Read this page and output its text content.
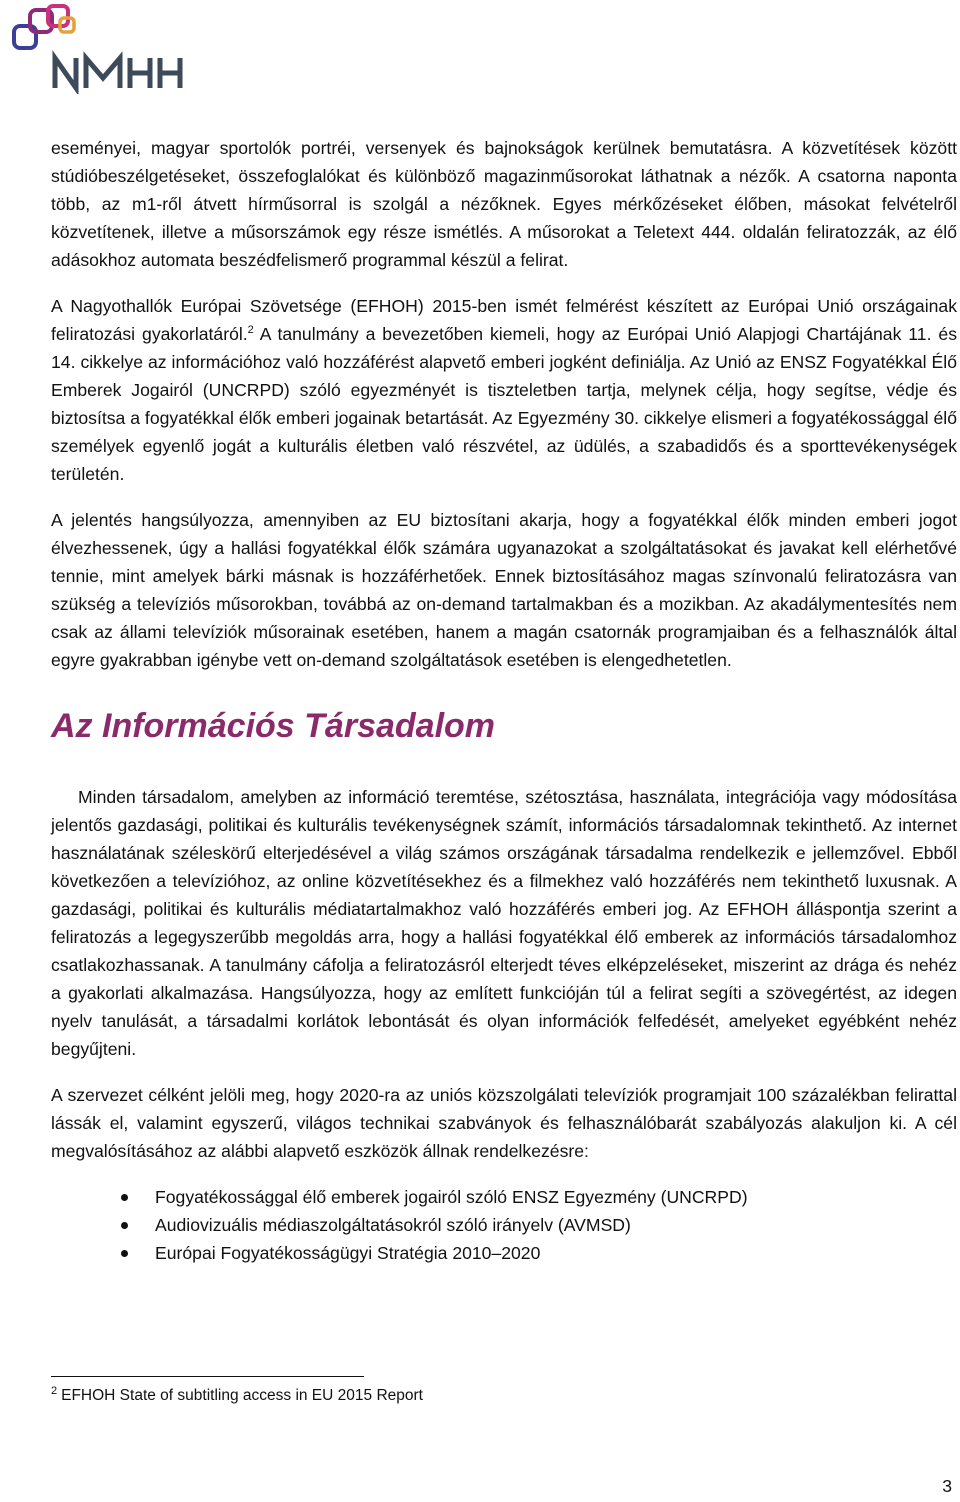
eseményei, magyar sportolók portréi, versenyek és bajnokságok kerülnek bemutatásra. A közvetítések között stúdióbeszélgetéseket, összefoglalókat és különböző magazinműsorokat láthatnak a nézők. A csatorna naponta több, az m1-ről átvett hírműsorral is szolgál a nézőknek. Egyes mérkőzéseket élőben, másokat felvételről közvetítenek, illetve a műsorszámok egy része ismétlés. A műsorokat a Teletext 444. oldalán feliratozzák, az élő adásokhoz automata beszédfelismerő programmal készül a felirat.

A Nagyothallók Európai Szövetsége (EFHOH) 2015-ben ismét felmérést készített az Európai Unió országainak feliratozási gyakorlatáról.$^2$ A tanulmány a bevezetőben kiemeli, hogy az Európai Unió Alapjogi Chartájának 11. és 14. cikkelye az információhoz való hozzáférést alapvető emberi jogként definiálja. Az Unió az ENSZ Fogyatékkal Élő Emberek Jogairól (UNCRPD) szóló egyezményét is tiszteletben tartja, melynek célja, hogy segítse, védje és biztosítsa a fogyatékkal élők emberi jogainak betartását. Az Egyezmény 30. cikkelye elismeri a fogyatékossággal élő személyek egyenlő jogát a kulturális életben való részvétel, az üdülés, a szabadidős és a sporttevékenységek területén.

A jelentés hangsúlyozza, amennyiben az EU biztosítani akarja, hogy a fogyatékkal élők minden emberi jogot élvezhessenek, úgy a hallási fogyatékkal élők számára ugyanazokat a szolgáltatásokat és javakat kell elérhetővé tennie, mint amelyek bárki másnak is hozzáférhetőek. Ennek biztosításához magas színvonalú feliratozásra van szükség a televíziós műsorokban, továbbá az on-demand tartalmakban és a mozikban. Az akadálymentesítés nem csak az állami televíziók műsorainak esetében, hanem a magán csatornák programjaiban és a felhasználók által egyre gyakrabban igénybe vett on-demand szolgáltatások esetében is elengedhetetlen.

Az Információs Társadalom

Minden társadalom, amelyben az információ teremtése, szétosztása, használata, integrációja vagy módosítása jelentős gazdasági, politikai és kulturális tevékenységnek számít, információs társadalomnak tekinthető. Az internet használatának széleskörű elterjedésével a világ számos országának társadalma rendelkezik e jellemzővel. Ebből következően a televízióhoz, az online közvetítésekhez és a filmekhez való hozzáférés nem tekinthető luxusnak. A gazdasági, politikai és kulturális médiatartalmakhoz való hozzáférés emberi jog. Az EFHOH álláspontja szerint a feliratozás a legegyszerűbb megoldás arra, hogy a hallási fogyatékkal élő emberek az információs társadalomhoz csatlakozhassanak. A tanulmány cáfolja a feliratozásról elterjedt téves elképzeléseket, miszerint az drága és nehéz a gyakorlati alkalmazása. Hangsúlyozza, hogy az említett funkcióján túl a felirat segíti a szövegértést, az idegen nyelv tanulását, a társadalmi korlátok lebontását és olyan információk felfedését, amelyeket egyébként nehéz begyűjteni.

A szervezet célként jelöli meg, hogy 2020-ra az uniós közszolgálati televíziók programjait 100 százalékban felirattal lássák el, valamint egyszerű, világos technikai szabványok és felhasználóbarát szabályozás alakuljon ki. A cél megvalósításához az alábbi alapvető eszközök állnak rendelkezésre:

Fogyatékossággal élő emberek jogairól szóló ENSZ Egyezmény (UNCRPD)
Audiovizuális médiaszolgáltatásokról szóló irányelv (AVMSD)
Európai Fogyatékosságügyi Stratégia 2010–2020
$^2$ EFHOH State of subtitling access in EU 2015 Report
3
